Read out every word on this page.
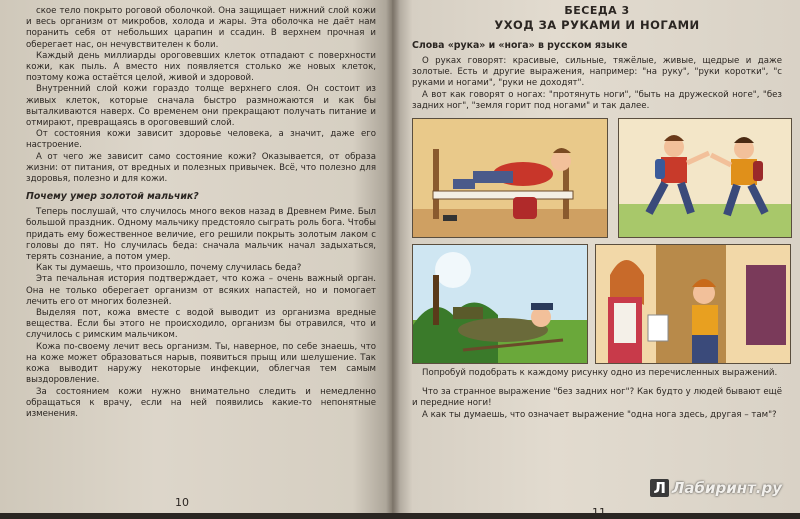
ское тело покрыто роговой оболочкой. Она защищает нижний слой кожи и весь организм от микробов, холода и жары. Эта оболочка не даёт нам поранить себя от небольших царапин и ссадин. В верхнем прочная и оберегает нас, он нечувствителен к боли.

Каждый день миллиарды ороговевших клеток отпадают с поверхности кожи, как пыль. А вместо них появляется столько же новых клеток, поэтому кожа остаётся целой, живой и здоровой.

Внутренний слой кожи гораздо толще верхнего слоя. Он состоит из живых клеток, которые сначала быстро размножаются и как бы выталкиваются наверх. Со временем они прекращают получать питание и отмирают, превращаясь в ороговевший слой.

От состояния кожи зависит здоровье человека, а значит, даже его настроение.

А от чего же зависит само состояние кожи? Оказывается, от образа жизни: от питания, от вредных и полезных привычек. Всё, что полезно для здоровья, полезно и для кожи.

Почему умер золотой мальчик?

Теперь послушай, что случилось много веков назад в Древнем Риме. Был большой праздник. Одному мальчику предстояло сыграть роль бога. Чтобы придать ему божественное величие, его решили покрыть золотым лаком с головы до пят. Но случилась беда: сначала мальчик начал задыхаться, терять сознание, а потом умер.

Как ты думаешь, что произошло, почему случилась беда?

Эта печальная история подтверждает, что кожа – очень важный орган. Она не только оберегает организм от всяких напастей, но и помогает лечить его от многих болезней.

Выделяя пот, кожа вместе с водой выводит из организма вредные вещества. Если бы этого не происходило, организм бы отравился, что и случилось с римским мальчиком.

Кожа по-своему лечит весь организм. Ты, наверное, по себе знаешь, что на коже может образоваться нарыв, появиться прыщ или шелушение. Так кожа выводит наружу некоторые инфекции, облегчая тем самым выздоровление.

За состоянием кожи нужно внимательно следить и немедленно обращаться к врачу, если на ней появились какие-то непонятные изменения.

10
БЕСЕДА 3
УХОД ЗА РУКАМИ И НОГАМИ
Слова «рука» и «нога» в русском языке

О руках говорят: красивые, сильные, тяжёлые, живые, щедрые и даже золотые. Есть и другие выражения, например: "на руку", "руки коротки", "с руками и ногами", "руки не доходят".

А вот как говорят о ногах: "протянуть ноги", "быть на дружеской ноге", "без задних ног", "земля горит под ногами" и так далее.

Попробуй подобрать к каждому рисунку одно из перечисленных выражений.

Что за странное выражение "без задних ног"? Как будто у людей бывают ещё и передние ноги!

А как ты думаешь, что означает выражение "одна нога здесь, другая – там"?

11
Л Лабиринт.ру
